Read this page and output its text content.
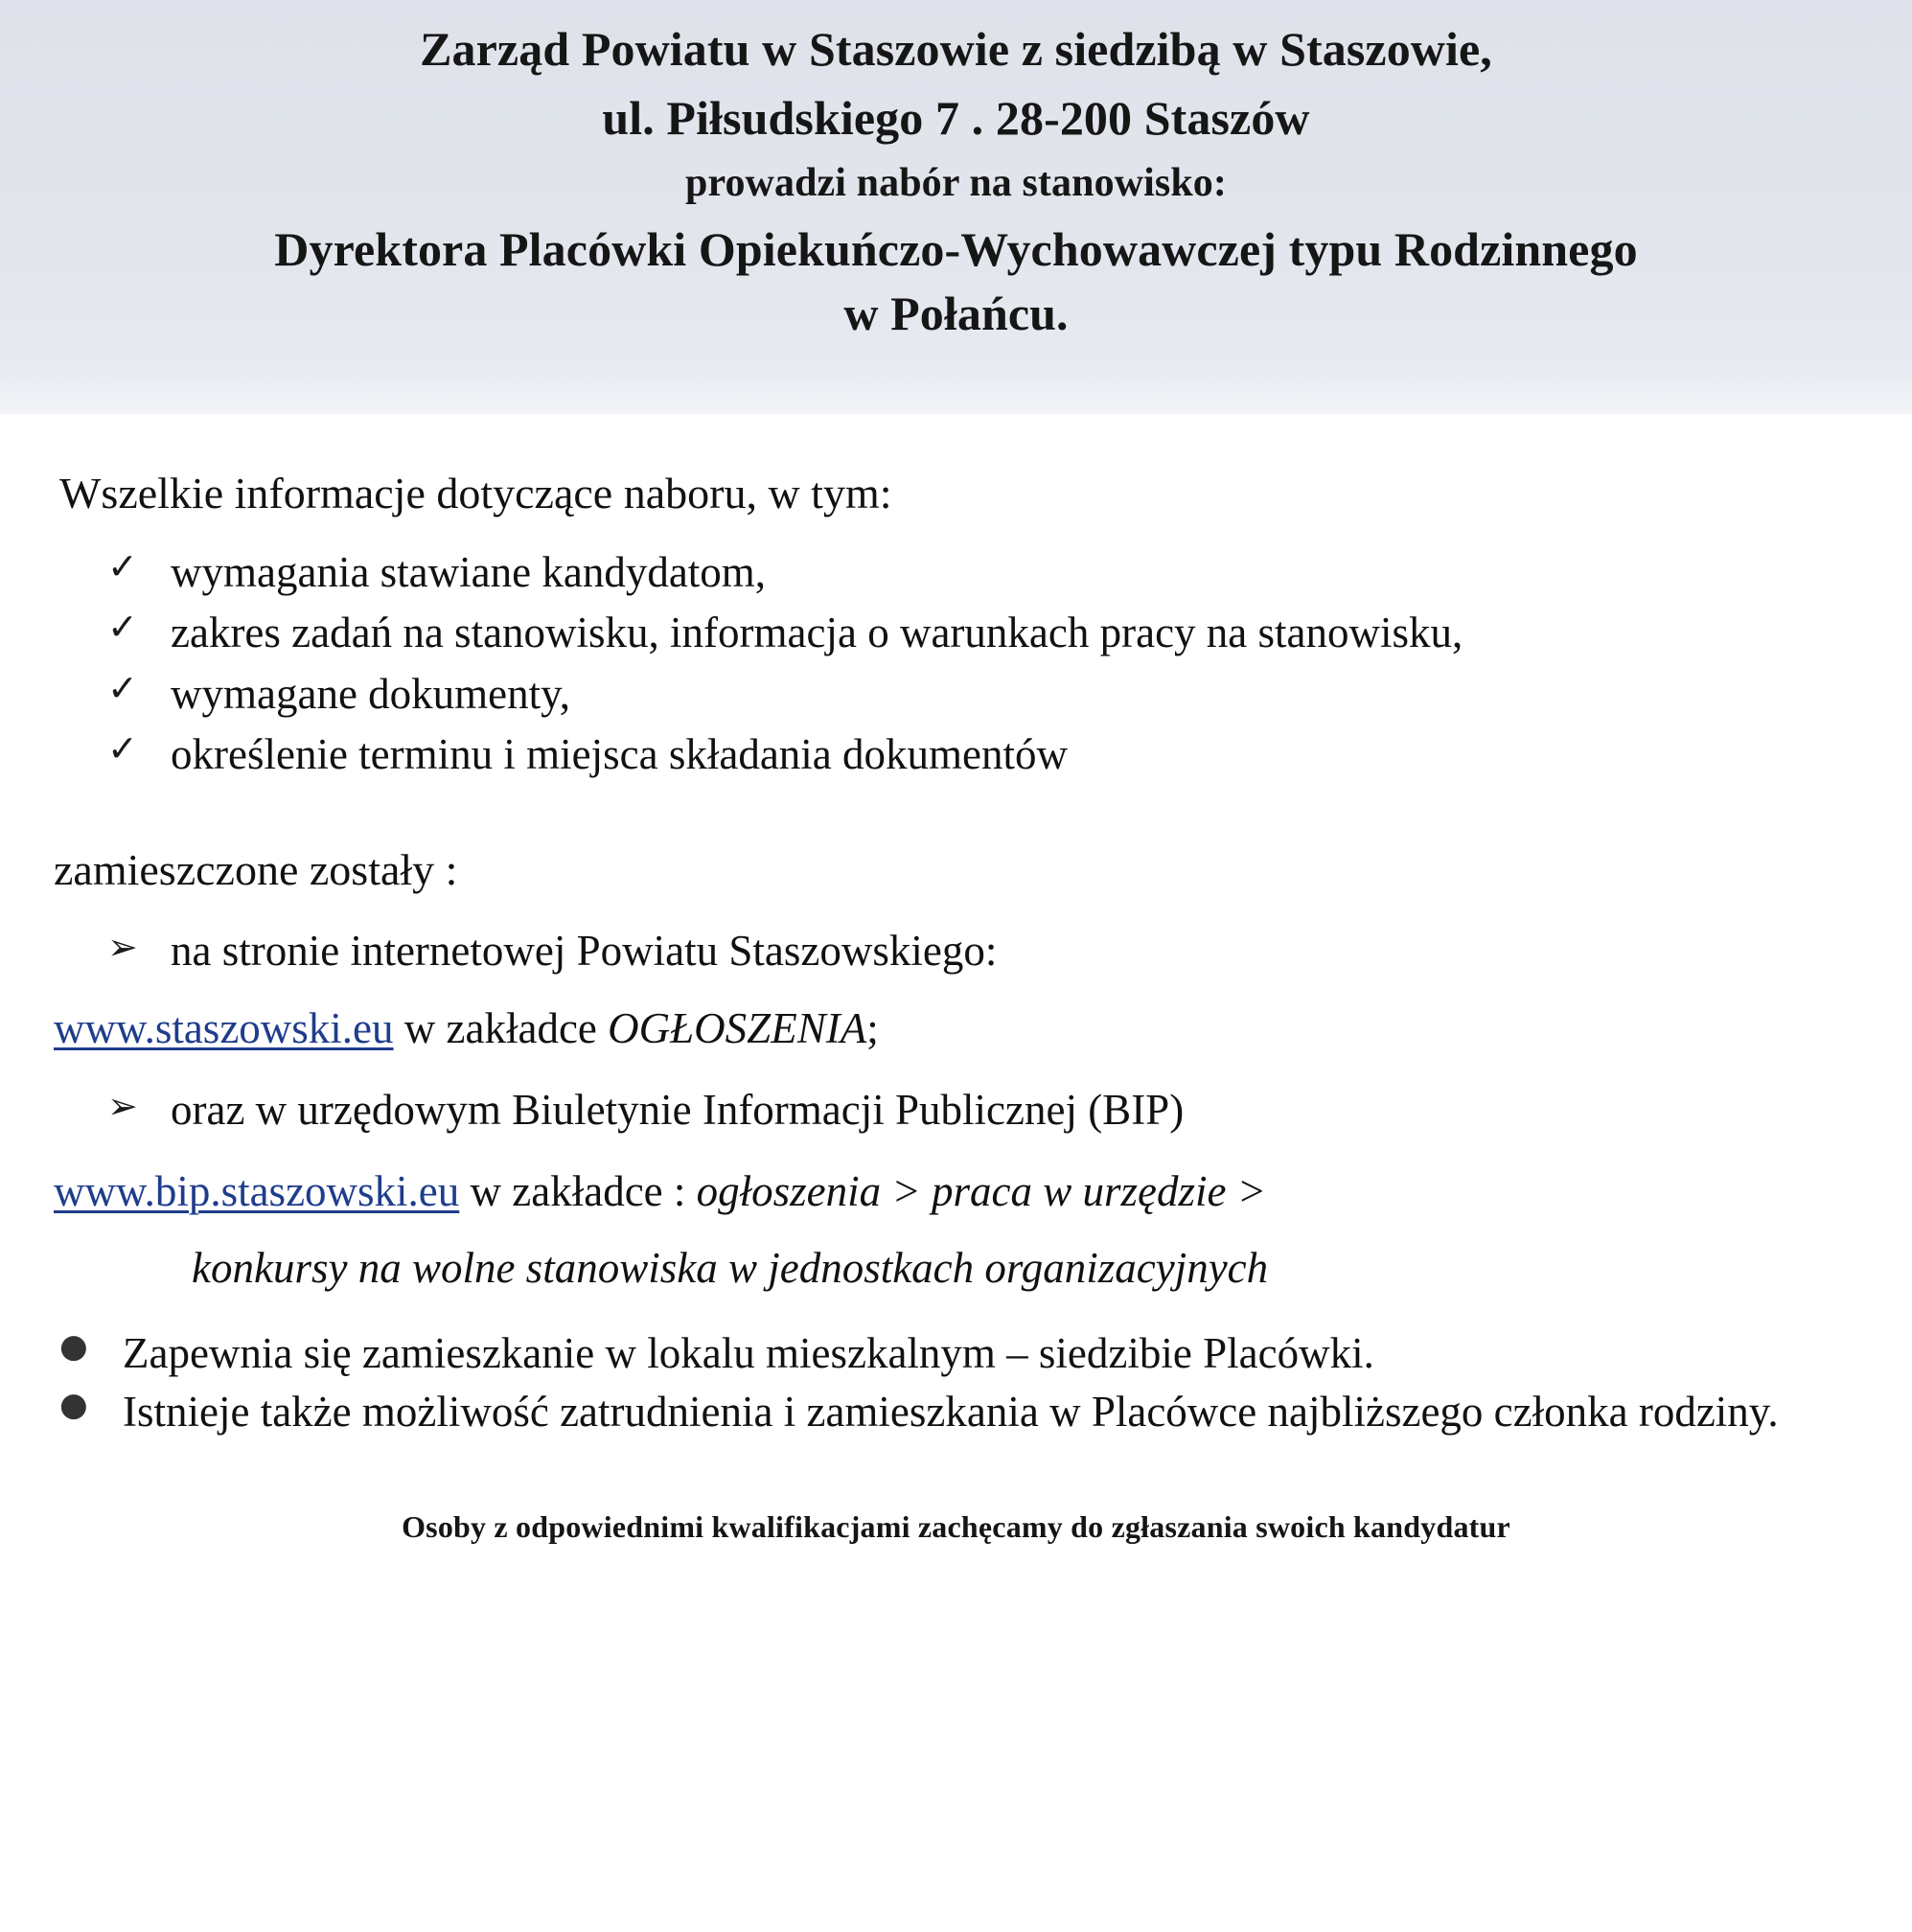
Zarząd Powiatu w Staszowie z siedzibą w Staszowie,
ul. Piłsudskiego 7 . 28-200 Staszów
prowadzi nabór na stanowisko:
Dyrektora Placówki Opiekuńczo-Wychowawczej typu Rodzinnego
w Połańcu.
Wszelkie informacje dotyczące naboru, w tym:
✓ wymagania stawiane kandydatom,
✓ zakres zadań na stanowisku, informacja o warunkach pracy na stanowisku,
✓ wymagane dokumenty,
✓ określenie terminu i miejsca składania dokumentów
zamieszczone zostały :
➢ na stronie internetowej Powiatu Staszowskiego:
www.staszowski.eu w zakładce OGŁOSZENIA;
➢ oraz w urzędowym Biuletynie Informacji Publicznej (BIP)
www.bip.staszowski.eu w zakładce : ogłoszenia > praca w urzędzie >
konkursy na wolne stanowiska w jednostkach organizacyjnych
● Zapewnia się zamieszkanie w lokalu mieszkalnym – siedzibie Placówki.
● Istnieje także możliwość zatrudnienia i zamieszkania w Placówce najbliższego członka rodziny.
Osoby z odpowiednimi kwalifikacjami zachęcamy do zgłaszania swoich kandydatur
